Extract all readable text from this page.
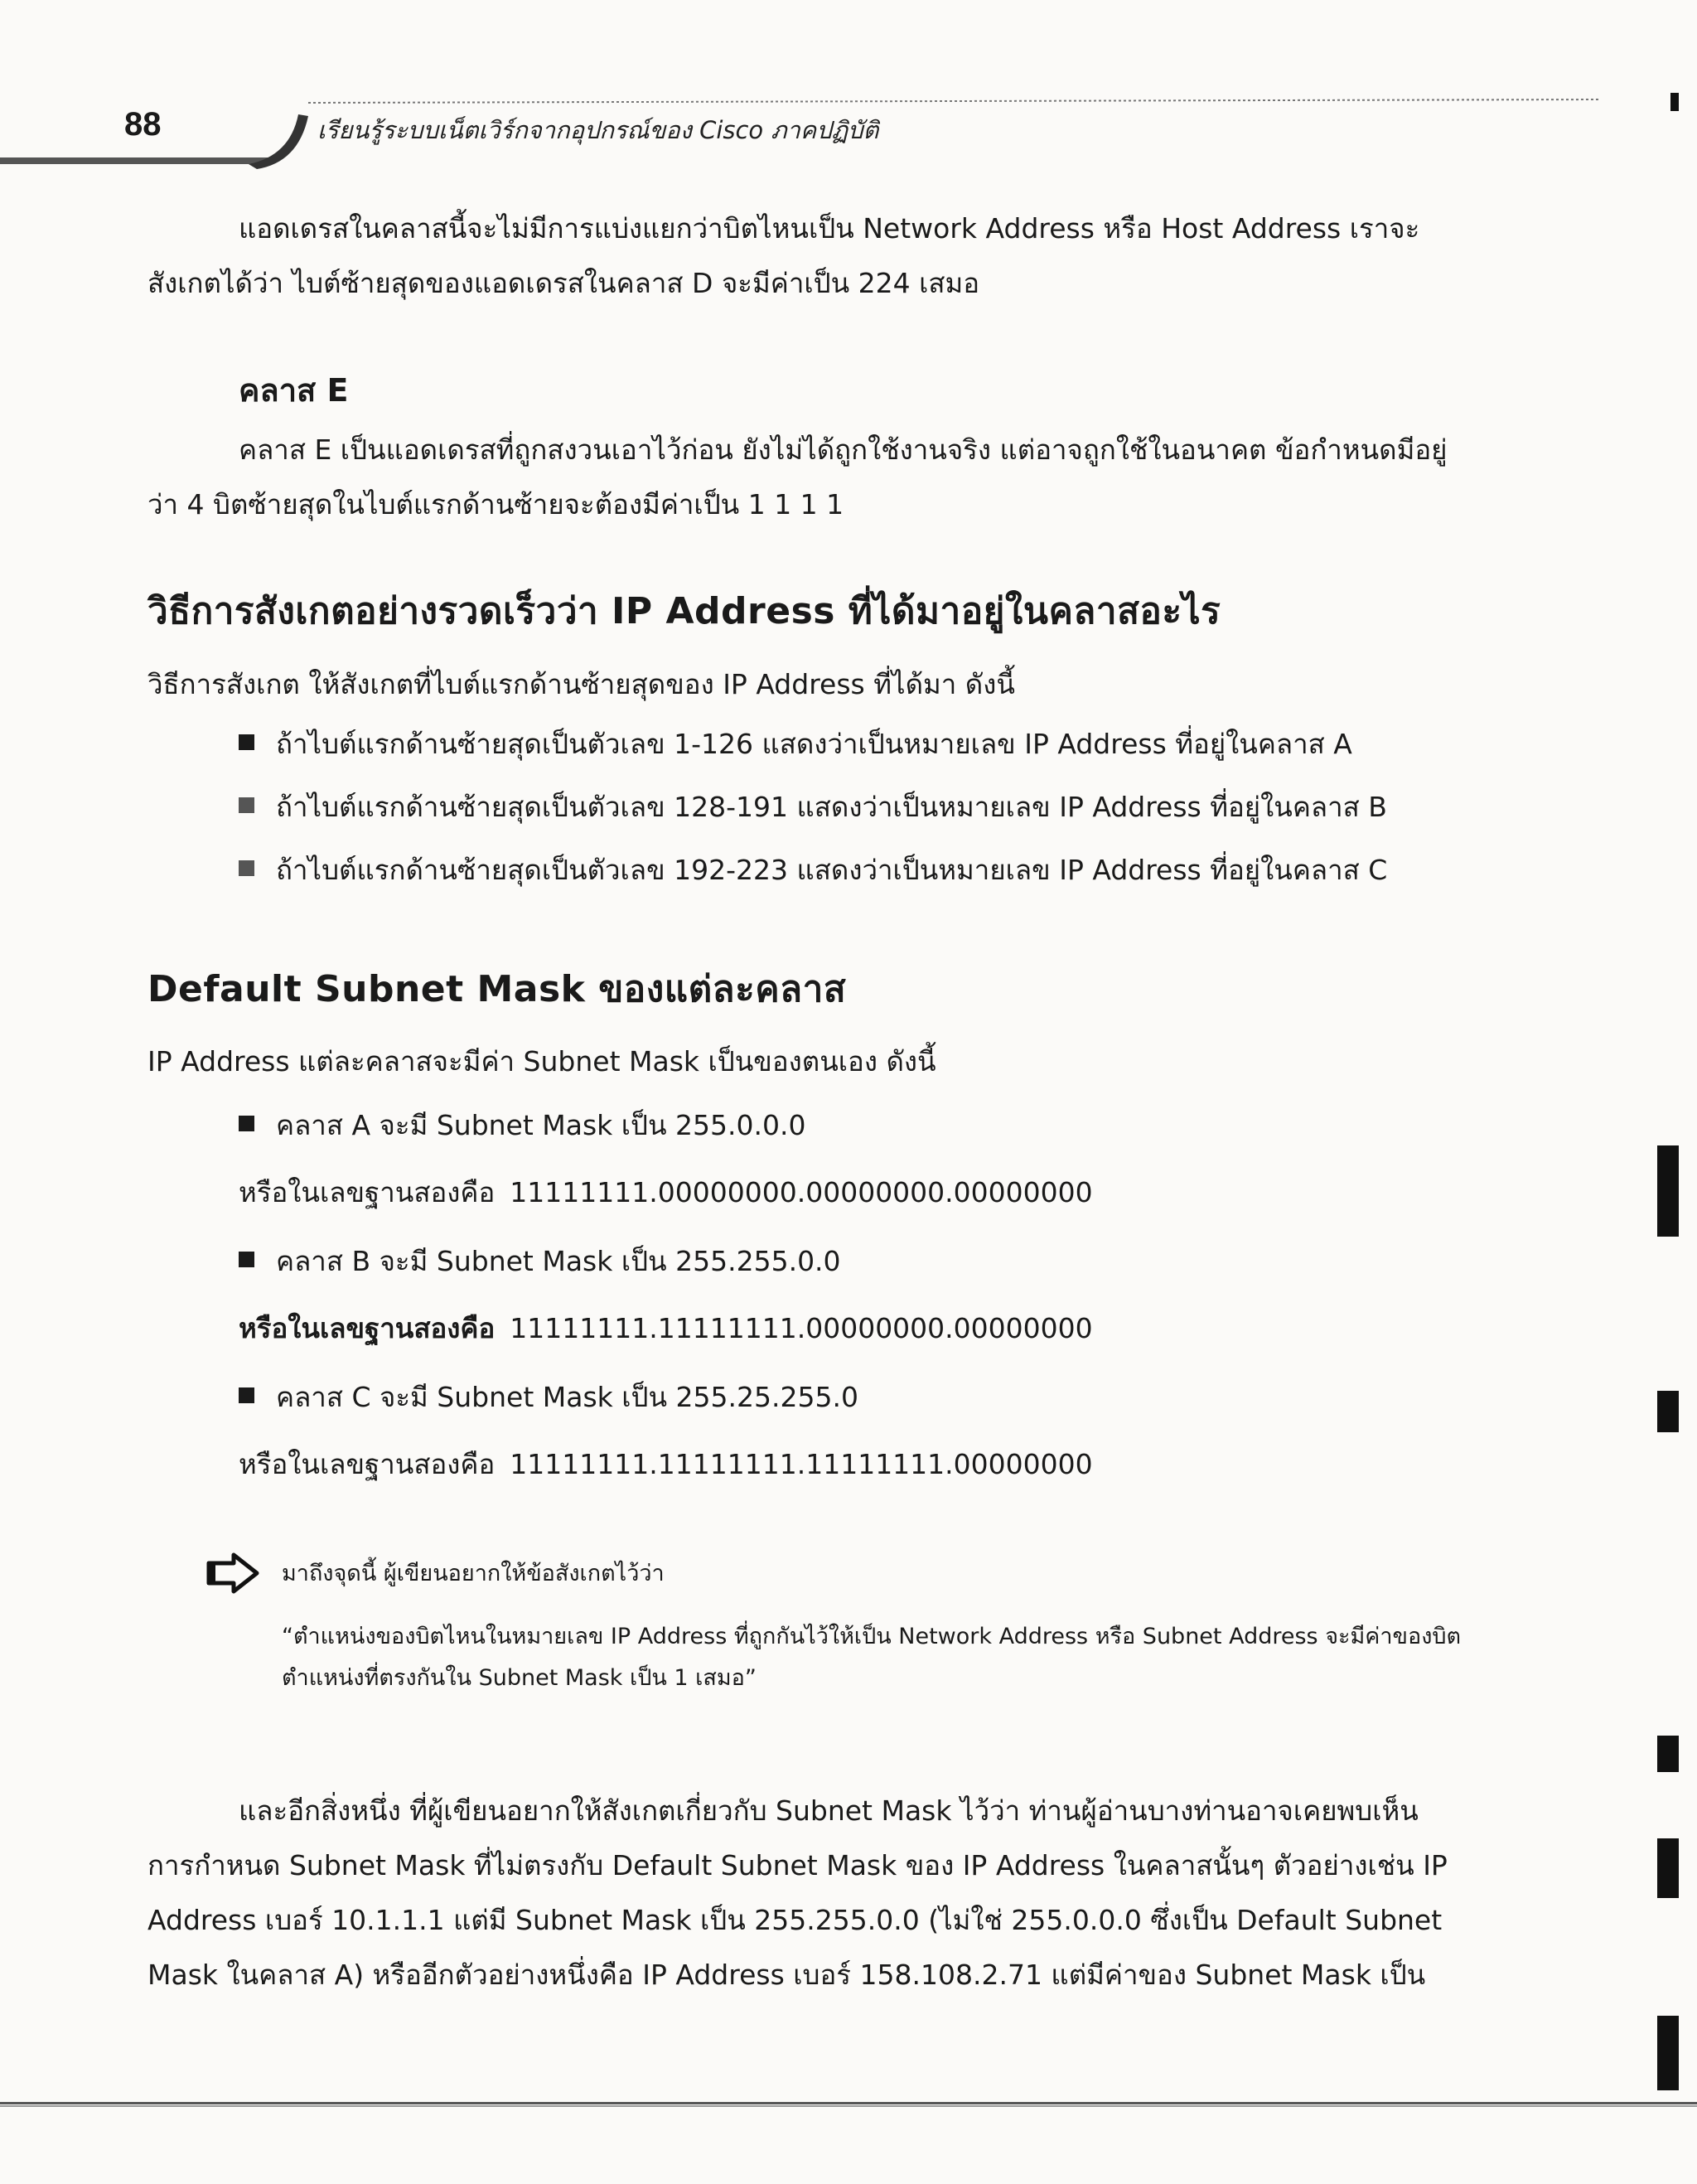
88	เรียนรู้ระบบเน็ตเวิร์กจากอุปกรณ์ของ Cisco ภาคปฏิบัติ
แอดเดรสในคลาสนี้จะไม่มีการแบ่งแยกว่าบิตไหนเป็น Network Address หรือ Host Address เราจะสังเกตได้ว่า ไบต์ซ้ายสุดของแอดเดรสในคลาส D จะมีค่าเป็น 224 เสมอ
คลาส E
คลาส E เป็นแอดเดรสที่ถูกสงวนเอาไว้ก่อน ยังไม่ได้ถูกใช้งานจริง แต่อาจถูกใช้ในอนาคต ข้อกำหนดมีอยู่ว่า 4 บิตซ้ายสุดในไบต์แรกด้านซ้ายจะต้องมีค่าเป็น 1 1 1 1
วิธีการสังเกตอย่างรวดเร็วว่า IP Address ที่ได้มาอยู่ในคลาสอะไร
วิธีการสังเกต ให้สังเกตที่ไบต์แรกด้านซ้ายสุดของ IP Address ที่ได้มา ดังนี้
ถ้าไบต์แรกด้านซ้ายสุดเป็นตัวเลข 1-126 แสดงว่าเป็นหมายเลข IP Address ที่อยู่ในคลาส A
ถ้าไบต์แรกด้านซ้ายสุดเป็นตัวเลข 128-191 แสดงว่าเป็นหมายเลข IP Address ที่อยู่ในคลาส B
ถ้าไบต์แรกด้านซ้ายสุดเป็นตัวเลข 192-223 แสดงว่าเป็นหมายเลข IP Address ที่อยู่ในคลาส C
Default Subnet Mask ของแต่ละคลาส
IP Address แต่ละคลาสจะมีค่า Subnet Mask เป็นของตนเอง ดังนี้
คลาส A จะมี Subnet Mask เป็น 255.0.0.0
หรือในเลขฐานสองคือ 11111111.00000000.00000000.00000000
คลาส B จะมี Subnet Mask เป็น 255.255.0.0
หรือในเลขฐานสองคือ 11111111.11111111.00000000.00000000
คลาส C จะมี Subnet Mask เป็น 255.25.255.0
หรือในเลขฐานสองคือ 11111111.11111111.11111111.00000000
มาถึงจุดนี้ ผู้เขียนอยากให้ข้อสังเกตไว้ว่า
“ตำแหน่งของบิตไหนในหมายเลข IP Address ที่ถูกกันไว้ให้เป็น Network Address หรือ Subnet Address จะมีค่าของบิตตำแหน่งที่ตรงกันใน Subnet Mask เป็น 1 เสมอ”
และอีกสิ่งหนึ่ง ที่ผู้เขียนอยากให้สังเกตเกี่ยวกับ Subnet Mask ไว้ว่า ท่านผู้อ่านบางท่านอาจเคยพบเห็นการกำหนด Subnet Mask ที่ไม่ตรงกับ Default Subnet Mask ของ IP Address ในคลาสนั้นๆ ตัวอย่างเช่น IP Address เบอร์ 10.1.1.1 แต่มี Subnet Mask เป็น 255.255.0.0 (ไม่ใช่ 255.0.0.0 ซึ่งเป็น Default Subnet Mask ในคลาส A) หรืออีกตัวอย่างหนึ่งคือ IP Address เบอร์ 158.108.2.71 แต่มีค่าของ Subnet Mask เป็น
